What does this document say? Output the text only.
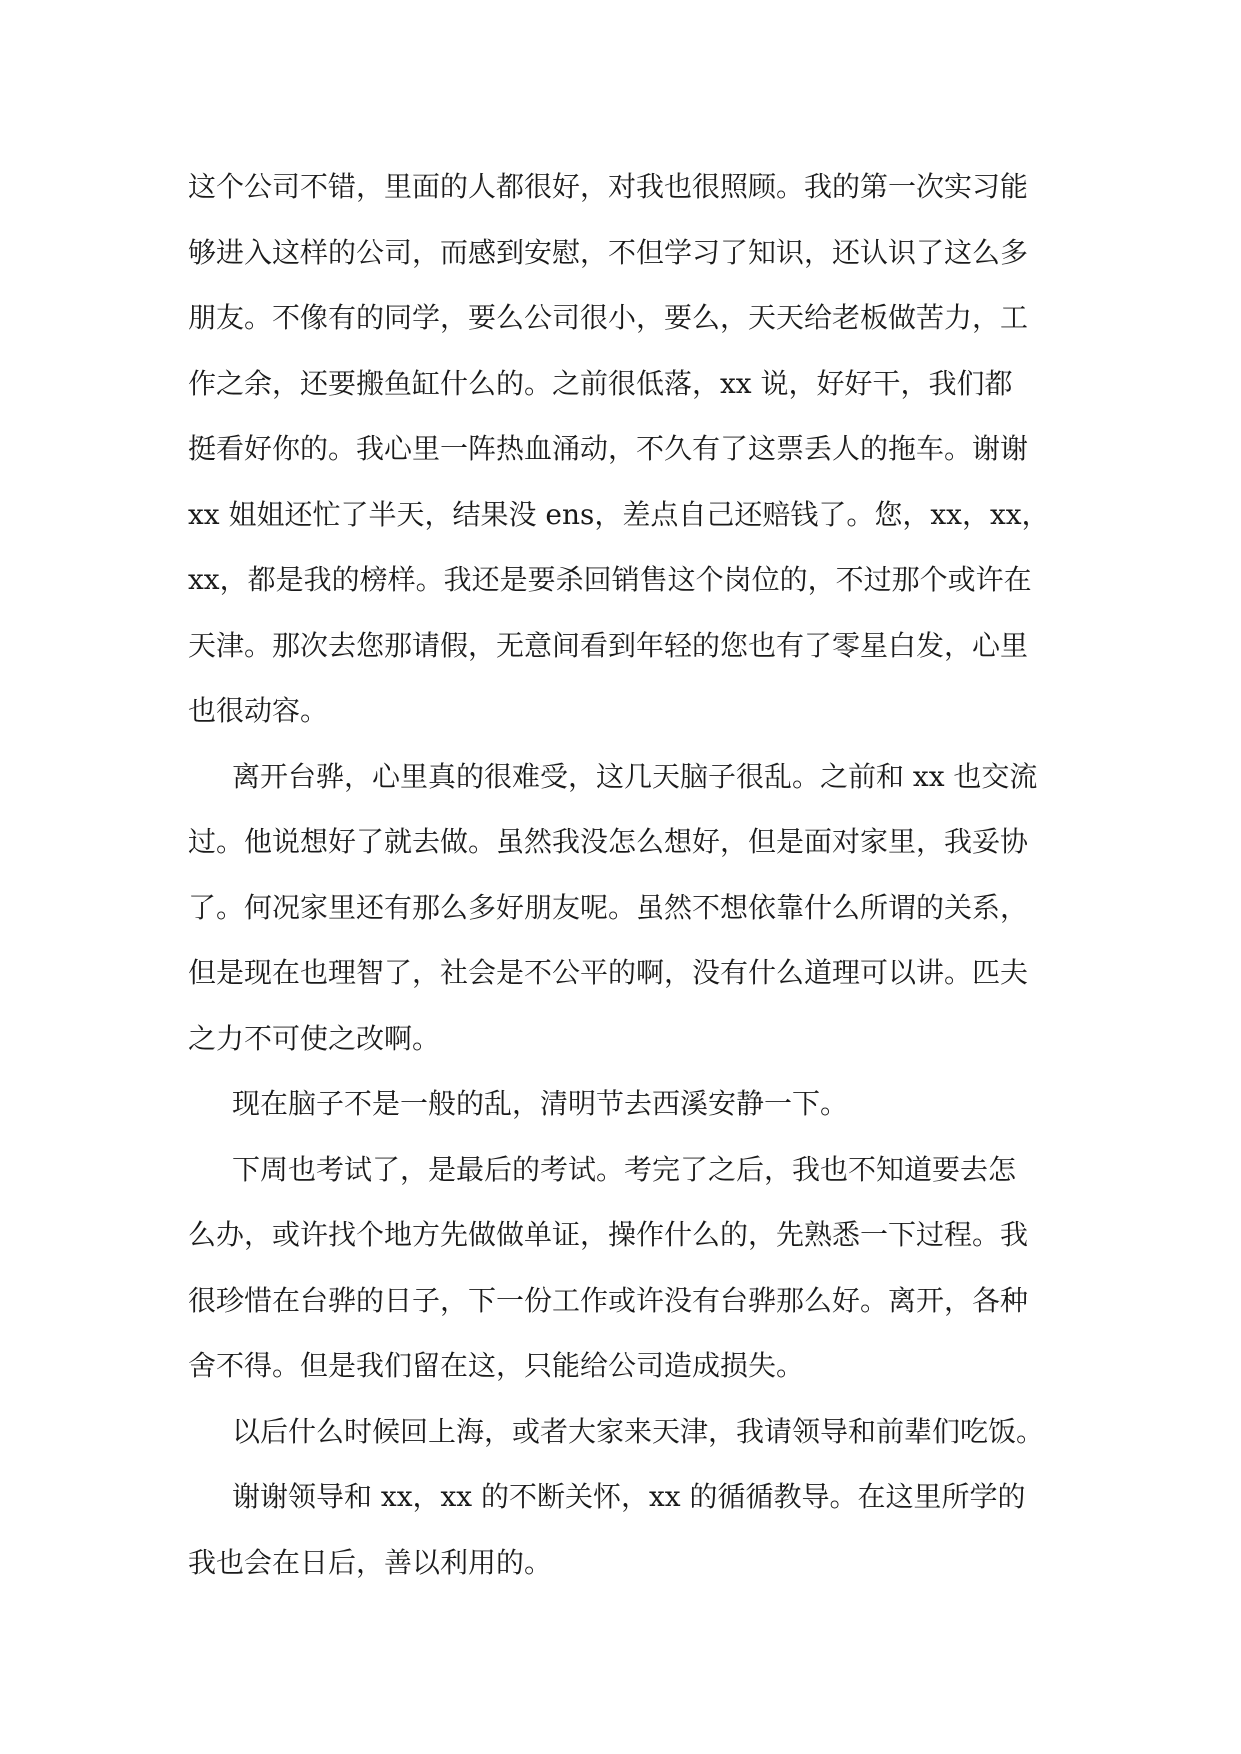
这个公司不错，里面的人都很好，对我也很照顾。我的第一次实习能
够进入这样的公司，而感到安慰，不但学习了知识，还认识了这么多
朋友。不像有的同学，要么公司很小，要么，天天给老板做苦力，工
作之余，还要搬鱼缸什么的。之前很低落，xx 说，好好干，我们都
挺看好你的。我心里一阵热血涌动，不久有了这票丢人的拖车。谢谢
xx 姐姐还忙了半天，结果没 ens，差点自己还赔钱了。您，xx，xx，
xx，都是我的榜样。我还是要杀回销售这个岗位的，不过那个或许在
天津。那次去您那请假，无意间看到年轻的您也有了零星白发，心里
也很动容。
离开台骅，心里真的很难受，这几天脑子很乱。之前和 xx 也交流
过。他说想好了就去做。虽然我没怎么想好，但是面对家里，我妥协
了。何况家里还有那么多好朋友呢。虽然不想依靠什么所谓的关系，
但是现在也理智了，社会是不公平的啊，没有什么道理可以讲。匹夫
之力不可使之改啊。
现在脑子不是一般的乱，清明节去西溪安静一下。
下周也考试了，是最后的考试。考完了之后，我也不知道要去怎
么办，或许找个地方先做做单证，操作什么的，先熟悉一下过程。我
很珍惜在台骅的日子，下一份工作或许没有台骅那么好。离开，各种
舍不得。但是我们留在这，只能给公司造成损失。
以后什么时候回上海，或者大家来天津，我请领导和前辈们吃饭。
谢谢领导和 xx，xx 的不断关怀，xx 的循循教导。在这里所学的
我也会在日后，善以利用的。
